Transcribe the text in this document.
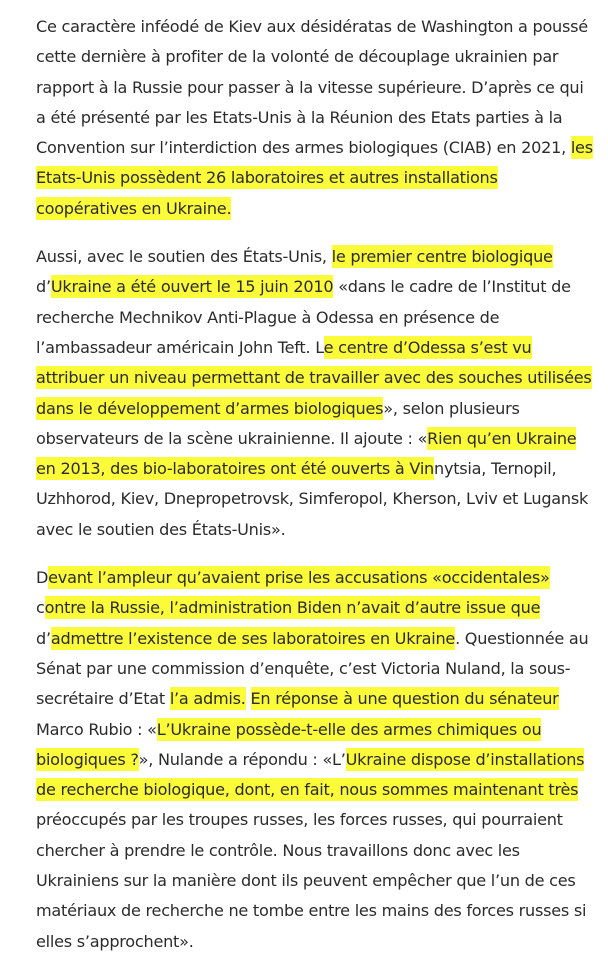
Ce caractère inféodé de Kiev aux désidératas de Washington a poussé cette dernière à profiter de la volonté de découplage ukrainien par rapport à la Russie pour passer à la vitesse supérieure. D’après ce qui a été présenté par les Etats-Unis à la Réunion des Etats parties à la Convention sur l’interdiction des armes biologiques (CIAB) en 2021, les Etats-Unis possèdent 26 laboratoires et autres installations coopératives en Ukraine.

Aussi, avec le soutien des États-Unis, le premier centre biologique d’Ukraine a été ouvert le 15 juin 2010 «dans le cadre de l’Institut de recherche Mechnikov Anti-Plague à Odessa en présence de l’ambassadeur américain John Teft. Le centre d’Odessa s’est vu attribuer un niveau permettant de travailler avec des souches utilisées dans le développement d’armes biologiques», selon plusieurs observateurs de la scène ukrainienne. Il ajoute : «Rien qu’en Ukraine en 2013, des bio-laboratoires ont été ouverts à Vinnytsia, Ternopil, Uzhhorod, Kiev, Dnepropetrovsk, Simferopol, Kherson, Lviv et Lugansk avec le soutien des États-Unis».

Devant l’ampleur qu’avaient prise les accusations «occidentales» contre la Russie, l’administration Biden n’avait d’autre issue que d’admettre l’existence de ses laboratoires en Ukraine. Questionnée au Sénat par une commission d’enquête, c’est Victoria Nuland, la sous-secrétaire d’Etat l’a admis. En réponse à une question du sénateur Marco Rubio : «L’Ukraine possède-t-elle des armes chimiques ou biologiques ?», Nulande a répondu : «L’Ukraine dispose d’installations de recherche biologique, dont, en fait, nous sommes maintenant très préoccupés par les troupes russes, les forces russes, qui pourraient chercher à prendre le contrôle. Nous travaillons donc avec les Ukrainiens sur la manière dont ils peuvent empêcher que l’un de ces matériaux de recherche ne tombe entre les mains des forces russes si elles s’approchent».
